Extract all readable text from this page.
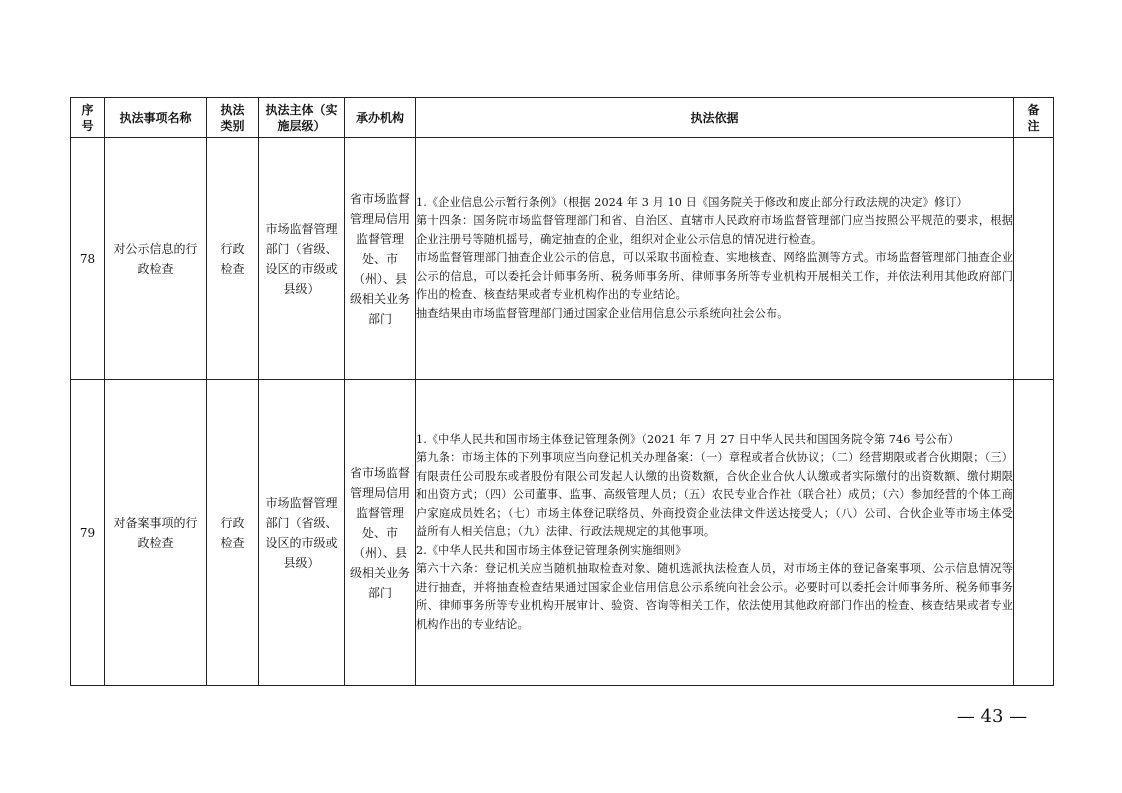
序号	执法事项名称	执法类别	执法主体（实施层级）	承办机构	执法依据	备注

78	对公示信息的行政检查	行政检查	市场监督管理部门（省级、设区的市级或县级）	省市场监督管理局信用监督管理处、市（州）、县级相关业务部门	1.《企业信息公示暂行条例》（根据 2024 年 3 月 10 日《国务院关于修改和废止部分行政法规的决定》修订）

第十四条：国务院市场监督管理部门和省、自治区、直辖市人民政府市场监督管理部门应当按照公平规范的要求，根据企业注册号等随机摇号，确定抽查的企业，组织对企业公示信息的情况进行检查。

市场监督管理部门抽查企业公示的信息，可以采取书面检查、实地核查、网络监测等方式。市场监督管理部门抽查企业公示的信息，可以委托会计师事务所、税务师事务所、律师事务所等专业机构开展相关工作，并依法利用其他政府部门作出的检查、核查结果或者专业机构作出的专业结论。

抽查结果由市场监督管理部门通过国家企业信用信息公示系统向社会公布。	

79	对备案事项的行政检查	行政检查	市场监督管理部门（省级、设区的市级或县级）	省市场监督管理局信用监督管理处、市（州）、县级相关业务部门	1.《中华人民共和国市场主体登记管理条例》（2021 年 7 月 27 日中华人民共和国国务院令第 746 号公布）

第九条：市场主体的下列事项应当向登记机关办理备案：（一）章程或者合伙协议；（二）经营期限或者合伙期限；（三）有限责任公司股东或者股份有限公司发起人认缴的出资数额，合伙企业合伙人认缴或者实际缴付的出资数额、缴付期限和出资方式；（四）公司董事、监事、高级管理人员；（五）农民专业合作社（联合社）成员；（六）参加经营的个体工商户家庭成员姓名；（七）市场主体登记联络员、外商投资企业法律文件送达接受人；（八）公司、合伙企业等市场主体受益所有人相关信息；（九）法律、行政法规规定的其他事项。

2.《中华人民共和国市场主体登记管理条例实施细则》

第六十六条：登记机关应当随机抽取检查对象、随机选派执法检查人员，对市场主体的登记备案事项、公示信息情况等进行抽查，并将抽查检查结果通过国家企业信用信息公示系统向社会公示。必要时可以委托会计师事务所、税务师事务所、律师事务所等专业机构开展审计、验资、咨询等相关工作，依法使用其他政府部门作出的检查、核查结果或者专业机构作出的专业结论。	

— 43 —
